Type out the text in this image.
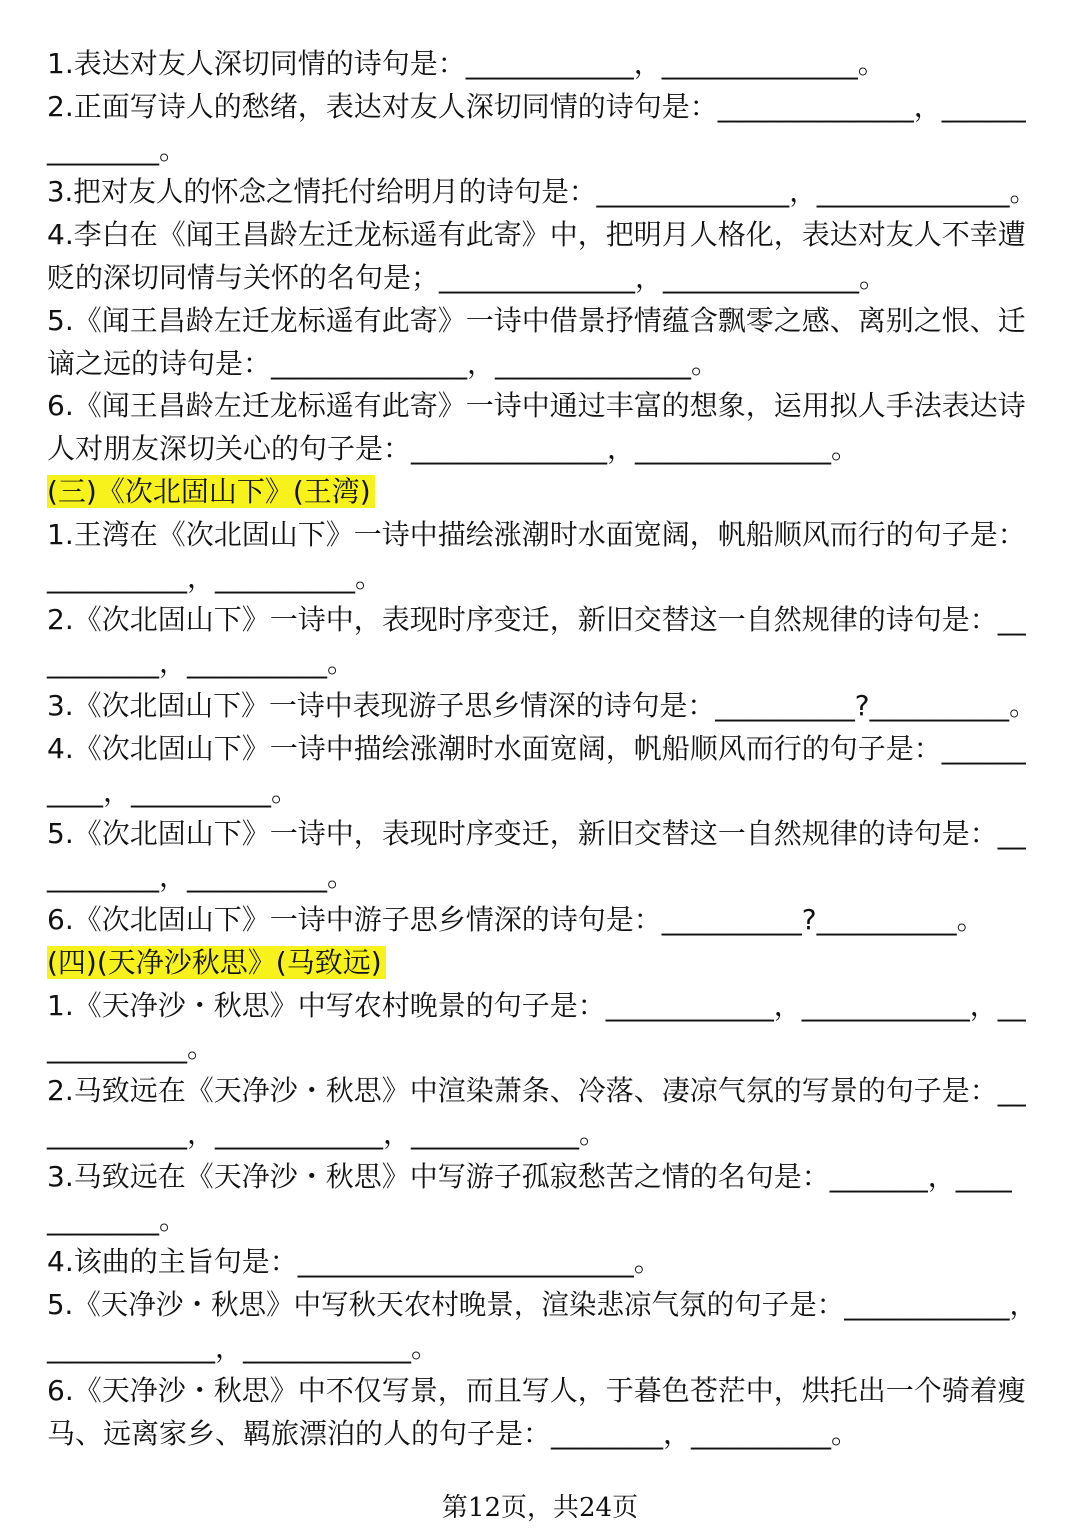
1.表达对友人深切同情的诗句是：____________，______________。
2.正面写诗人的愁绪，表达对友人深切同情的诗句是：______________，______
________。
3.把对友人的怀念之情托付给明月的诗句是：______________，______________。
4.李白在《闻王昌龄左迁龙标遥有此寄》中，把明月人格化，表达对友人不幸遭
贬的深切同情与关怀的名句是；______________，______________。
5.《闻王昌龄左迁龙标遥有此寄》一诗中借景抒情蕴含飘零之感、离别之恨、迁
谪之远的诗句是：______________，______________。
6.《闻王昌龄左迁龙标遥有此寄》一诗中通过丰富的想象，运用拟人手法表达诗
人对朋友深切关心的句子是：______________，______________。
(三)《次北固山下》(王湾)
1.王湾在《次北固山下》一诗中描绘涨潮时水面宽阔，帆船顺风而行的句子是：
__________，__________。
2.《次北固山下》一诗中，表现时序变迁，新旧交替这一自然规律的诗句是：__
________，__________。
3.《次北固山下》一诗中表现游子思乡情深的诗句是：__________?__________。
4.《次北固山下》一诗中描绘涨潮时水面宽阔，帆船顺风而行的句子是：______
____，__________。
5.《次北固山下》一诗中，表现时序变迁，新旧交替这一自然规律的诗句是：__
________，__________。
6.《次北固山下》一诗中游子思乡情深的诗句是：__________?__________。
(四)(天净沙秋思》(马致远)
1.《天净沙・秋思》中写农村晚景的句子是：____________，____________，__
__________。
2.马致远在《天净沙・秋思》中渲染萧条、冷落、凄凉气氛的写景的句子是：__
__________，____________，____________。
3.马致远在《天净沙・秋思》中写游子孤寂愁苦之情的名句是：_______，____
________。
4.该曲的主旨句是：________________________。
5.《天净沙・秋思》中写秋天农村晚景，渲染悲凉气氛的句子是：____________，
____________，____________。
6.《天净沙・秋思》中不仅写景，而且写人，于暮色苍茫中，烘托出一个骑着瘦
马、远离家乡、羁旅漂泊的人的句子是：________，__________。
第12页，共24页
